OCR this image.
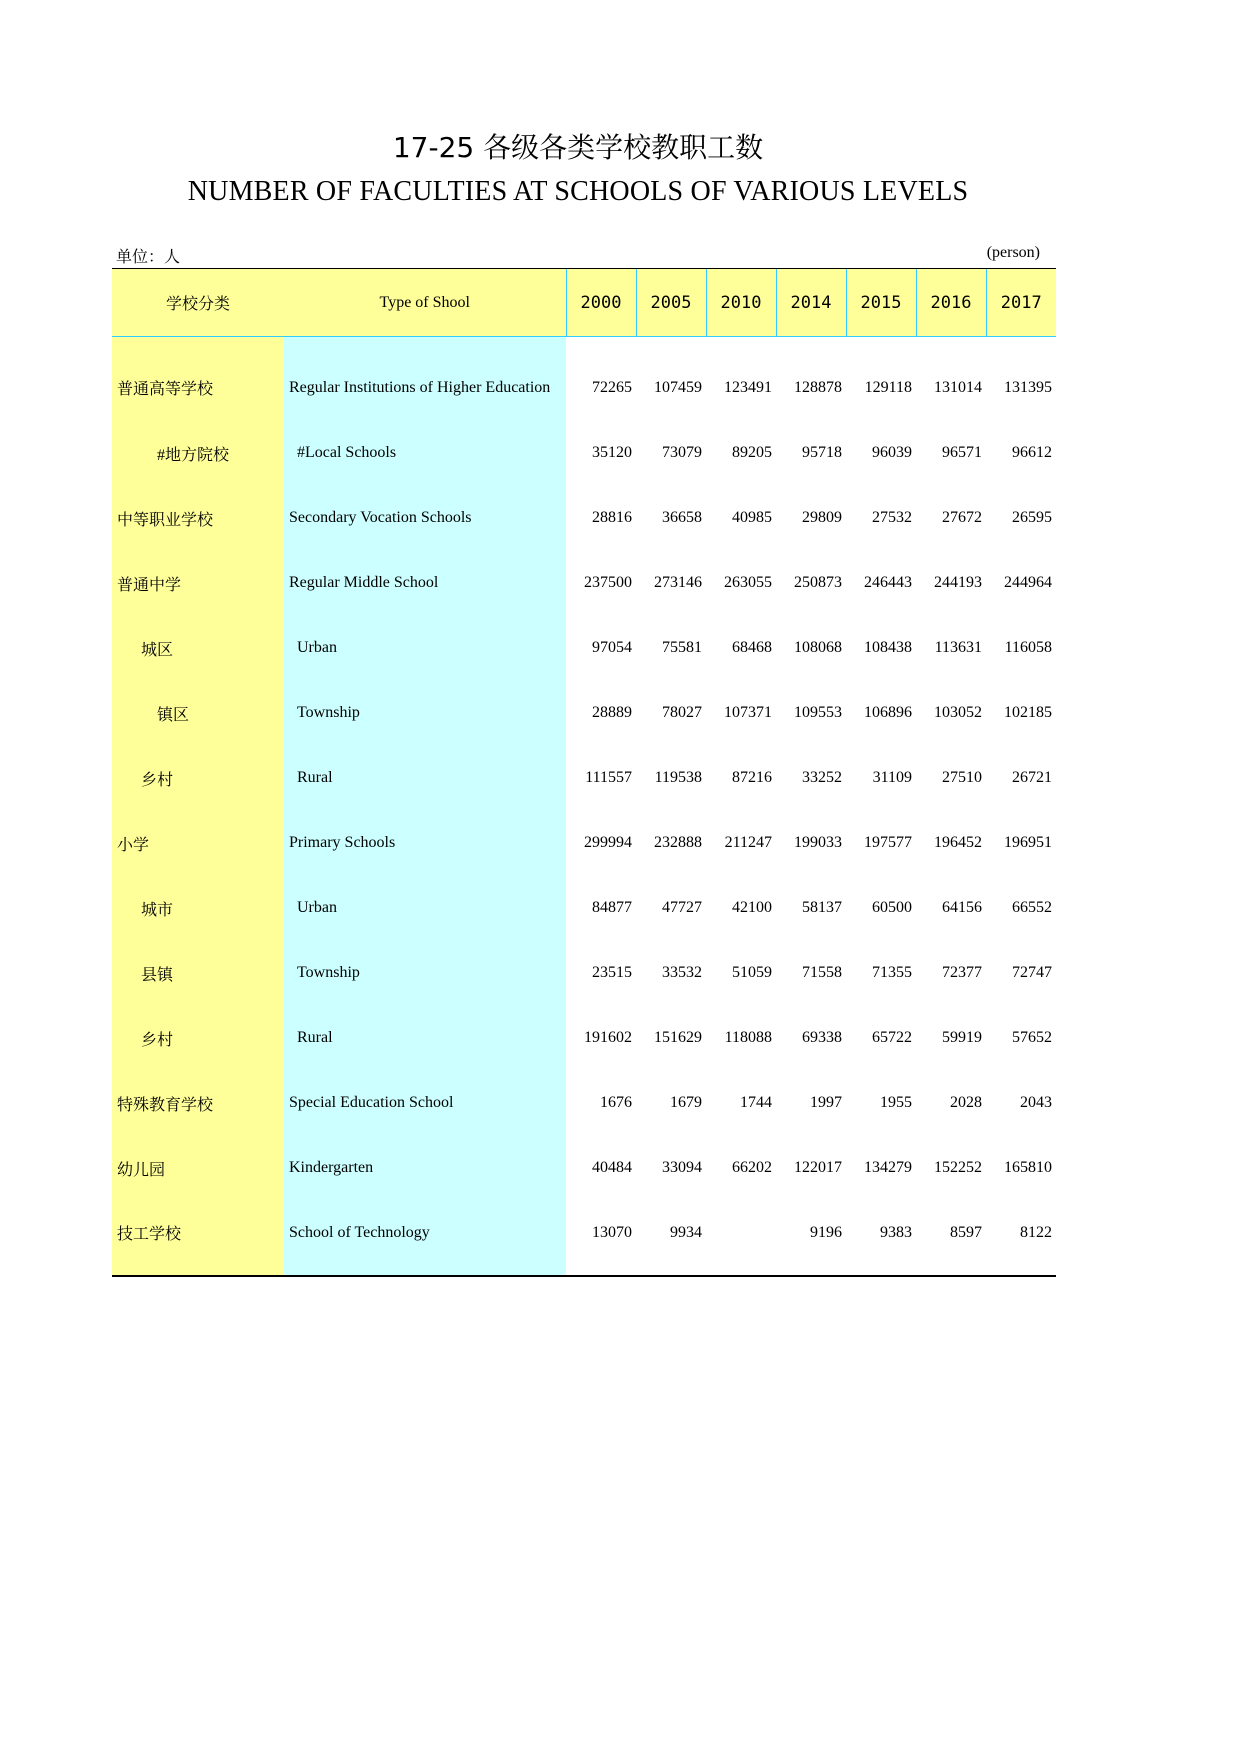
17-25 各级各类学校教职工数
NUMBER OF FACULTIES AT SCHOOLS OF VARIOUS LEVELS
单位：人	(person)
学校分类	Type of Shool	2000	2005	2010	2014	2015	2016	2017
普通高等学校	Regular Institutions of Higher Education	72265	107459	123491	128878	129118	131014	131395
#地方院校	#Local Schools	35120	73079	89205	95718	96039	96571	96612
中等职业学校	Secondary Vocation Schools	28816	36658	40985	29809	27532	27672	26595
普通中学	Regular Middle School	237500	273146	263055	250873	246443	244193	244964
城区	Urban	97054	75581	68468	108068	108438	113631	116058
镇区	Township	28889	78027	107371	109553	106896	103052	102185
乡村	Rural	111557	119538	87216	33252	31109	27510	26721
小学	Primary Schools	299994	232888	211247	199033	197577	196452	196951
城市	Urban	84877	47727	42100	58137	60500	64156	66552
县镇	Township	23515	33532	51059	71558	71355	72377	72747
乡村	Rural	191602	151629	118088	69338	65722	59919	57652
特殊教育学校	Special Education School	1676	1679	1744	1997	1955	2028	2043
幼儿园	Kindergarten	40484	33094	66202	122017	134279	152252	165810
技工学校	School of Technology	13070	9934		9196	9383	8597	8122
